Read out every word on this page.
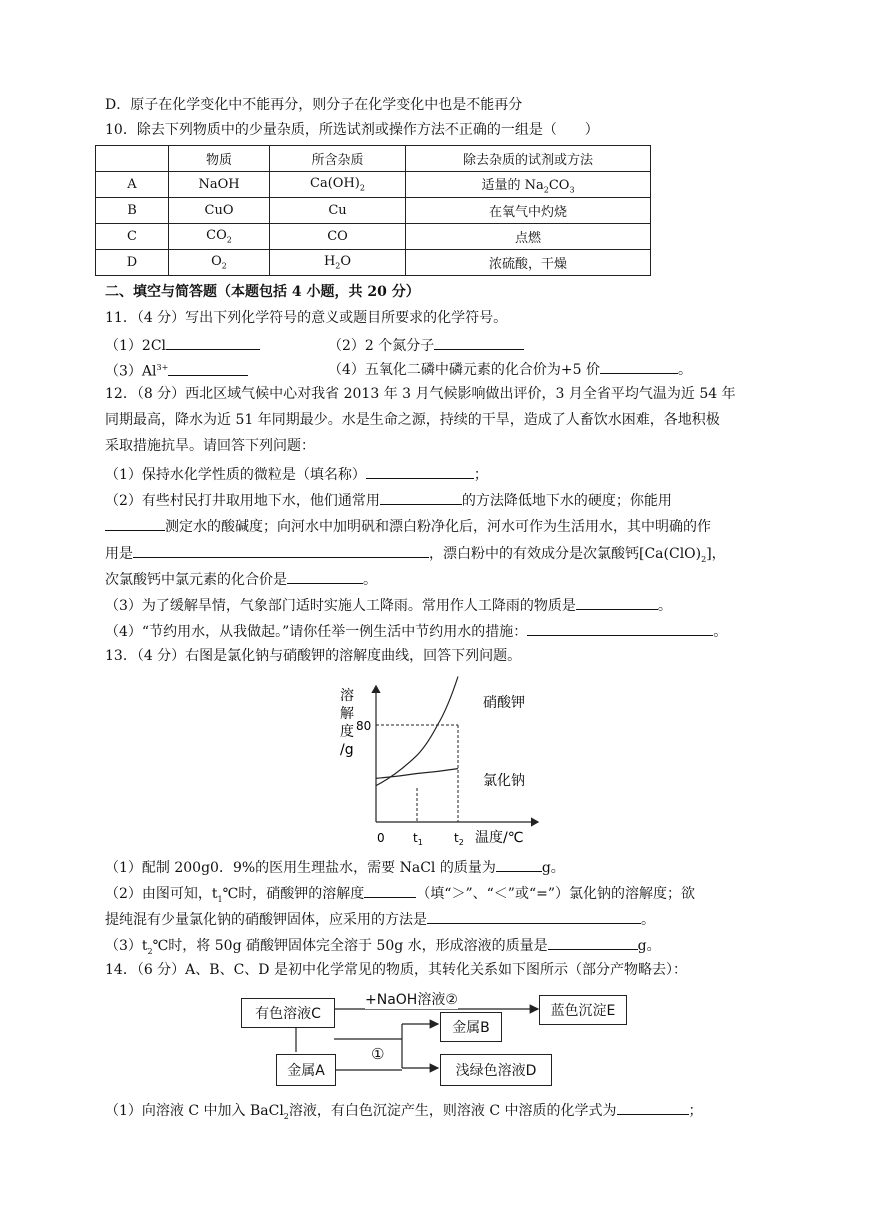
D．原子在化学变化中不能再分，则分子在化学变化中也是不能再分
10．除去下列物质中的少量杂质，所选试剂或操作方法不正确的一组是（　　）
	物质	所含杂质	除去杂质的试剂或方法
A	NaOH	$Ca(OH)_2$	适量的 $Na_2CO_3$
B	CuO	Cu	在氧气中灼烧
C	$CO_2$	CO	点燃
D	$O_2$	$H_2O$	浓硫酸，干燥
二、填空与简答题（本题包括 4 小题，共 20 分）
11．（4 分）写出下列化学符号的意义或题目所要求的化学符号。
（1）2Cl	（2）2 个氮分子
$(3)Al^{3+}$	（4）五氧化二磷中磷元素的化合价为+5 价	。
12．（8 分）西北区域气候中心对我省 2013 年 3 月气候影响做出评价，3 月全省平均气温为近 54 年
同期最高，降水为近 51 年同期最少。水是生命之源，持续的干旱，造成了人畜饮水困难，各地积极
采取措施抗旱。请回答下列问题：
（1）保持水化学性质的微粒是（填名称）	；
（2）有些村民打井取用地下水，他们通常用	的方法降低地下水的硬度；你能用
测定水的酸碱度；向河水中加明矾和漂白粉净化后，河水可作为生活用水，其中明确的作
用是	，漂白粉中的有效成分是次氯酸钙$[Ca(ClO)_2]$，
次氯酸钙中氯元素的化合价是	。
（3）为了缓解旱情，气象部门适时实施人工降雨。常用作人工降雨的物质是	。
（4）“节约用水，从我做起。”请你任举一例生活中节约用水的措施：	。
13．（4 分）右图是氯化钠与硝酸钾的溶解度曲线，回答下列问题。
溶
解
度
/g
80
0 $t_1$	$t_2$ 温度/℃
硝酸钾
氯化钠
（1）配制 200g0．9%的医用生理盐水，需要 NaCl 的质量为	g。
（2）由图可知，$t_1℃$时，硝酸钾的溶解度	（填“＞”、“＜”或“=”）氯化钠的溶解度；欲
提纯混有少量氯化钠的硝酸钾固体，应采用的方法是	。
$(3)t_2℃$时，将 50g 硝酸钾固体完全溶于 50g 水，形成溶液的质量是	g。
14．（6 分）A、B、C、D 是初中化学常见的物质，其转化关系如下图所示（部分产物略去）：
有色溶液C
金属A
金属B
浅绿色溶液D
蓝色沉淀E
+NaOH溶液②
①
（1）向溶液 C 中加入 BaCl$_2$溶液，有白色沉淀产生，则溶液 C 中溶质的化学式为	；
